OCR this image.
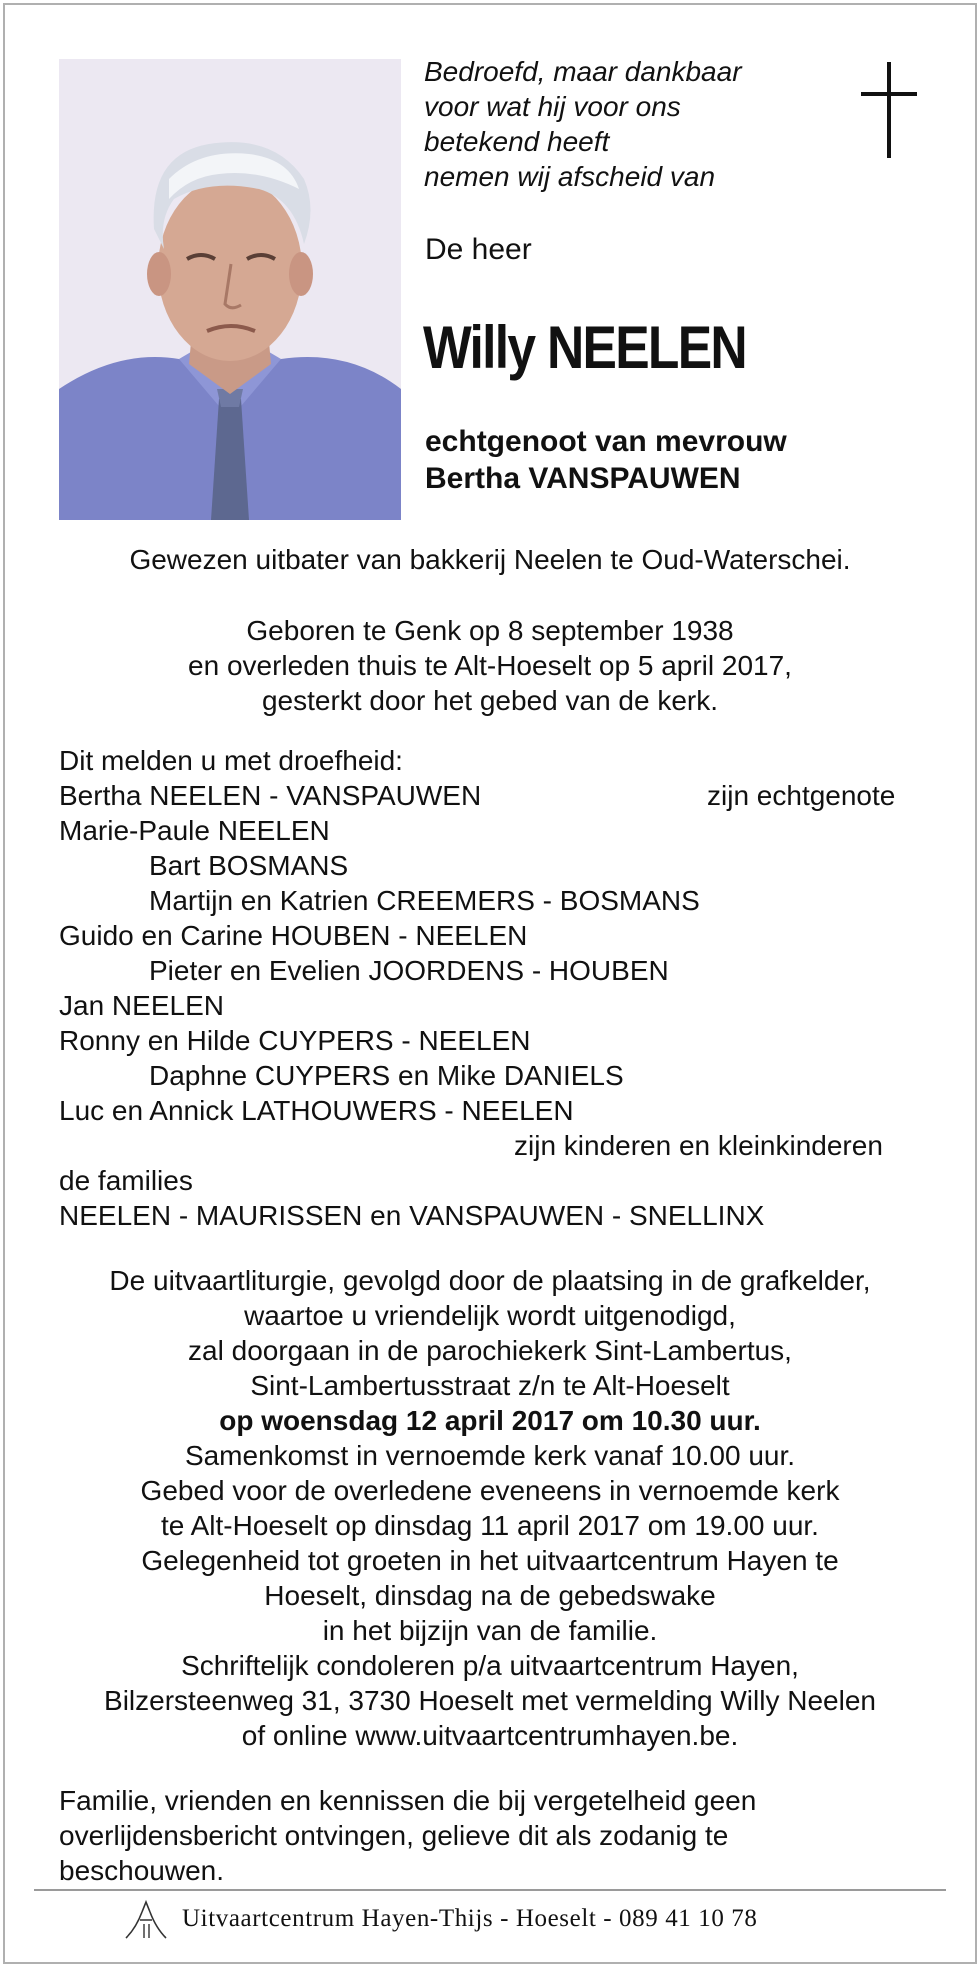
Bedroefd, maar dankbaar
voor wat hij voor ons
betekend heeft
nemen wij afscheid van
De heer
Willy NEELEN
echtgenoot van mevrouw
Bertha VANSPAUWEN
Gewezen uitbater van bakkerij Neelen te Oud-Waterschei.
Geboren te Genk op 8 september 1938
en overleden thuis te Alt-Hoeselt op 5 april 2017,
gesterkt door het gebed van de kerk.
Dit melden u met droefheid:
Bertha NEELEN - VANSPAUWEN	zijn echtgenote
Marie-Paule NEELEN
Bart BOSMANS
Martijn en Katrien CREEMERS - BOSMANS
Guido en Carine HOUBEN - NEELEN
Pieter en Evelien JOORDENS - HOUBEN
Jan NEELEN
Ronny en Hilde CUYPERS - NEELEN
Daphne CUYPERS en Mike DANIELS
Luc en Annick LATHOUWERS - NEELEN
zijn kinderen en kleinkinderen
de families
NEELEN - MAURISSEN en VANSPAUWEN - SNELLINX
De uitvaartliturgie, gevolgd door de plaatsing in de grafkelder,
waartoe u vriendelijk wordt uitgenodigd,
zal doorgaan in de parochiekerk Sint-Lambertus,
Sint-Lambertusstraat z/n te Alt-Hoeselt
op woensdag 12 april 2017 om 10.30 uur.
Samenkomst in vernoemde kerk vanaf 10.00 uur.
Gebed voor de overledene eveneens in vernoemde kerk
te Alt-Hoeselt op dinsdag 11 april 2017 om 19.00 uur.
Gelegenheid tot groeten in het uitvaartcentrum Hayen te
Hoeselt, dinsdag na de gebedswake
in het bijzijn van de familie.
Schriftelijk condoleren p/a uitvaartcentrum Hayen,
Bilzersteenweg 31, 3730 Hoeselt met vermelding Willy Neelen
of online www.uitvaartcentrumhayen.be.
Familie, vrienden en kennissen die bij vergetelheid geen
overlijdensbericht ontvingen, gelieve dit als zodanig te
beschouwen.
Uitvaartcentrum Hayen-Thijs - Hoeselt - 089 41 10 78
